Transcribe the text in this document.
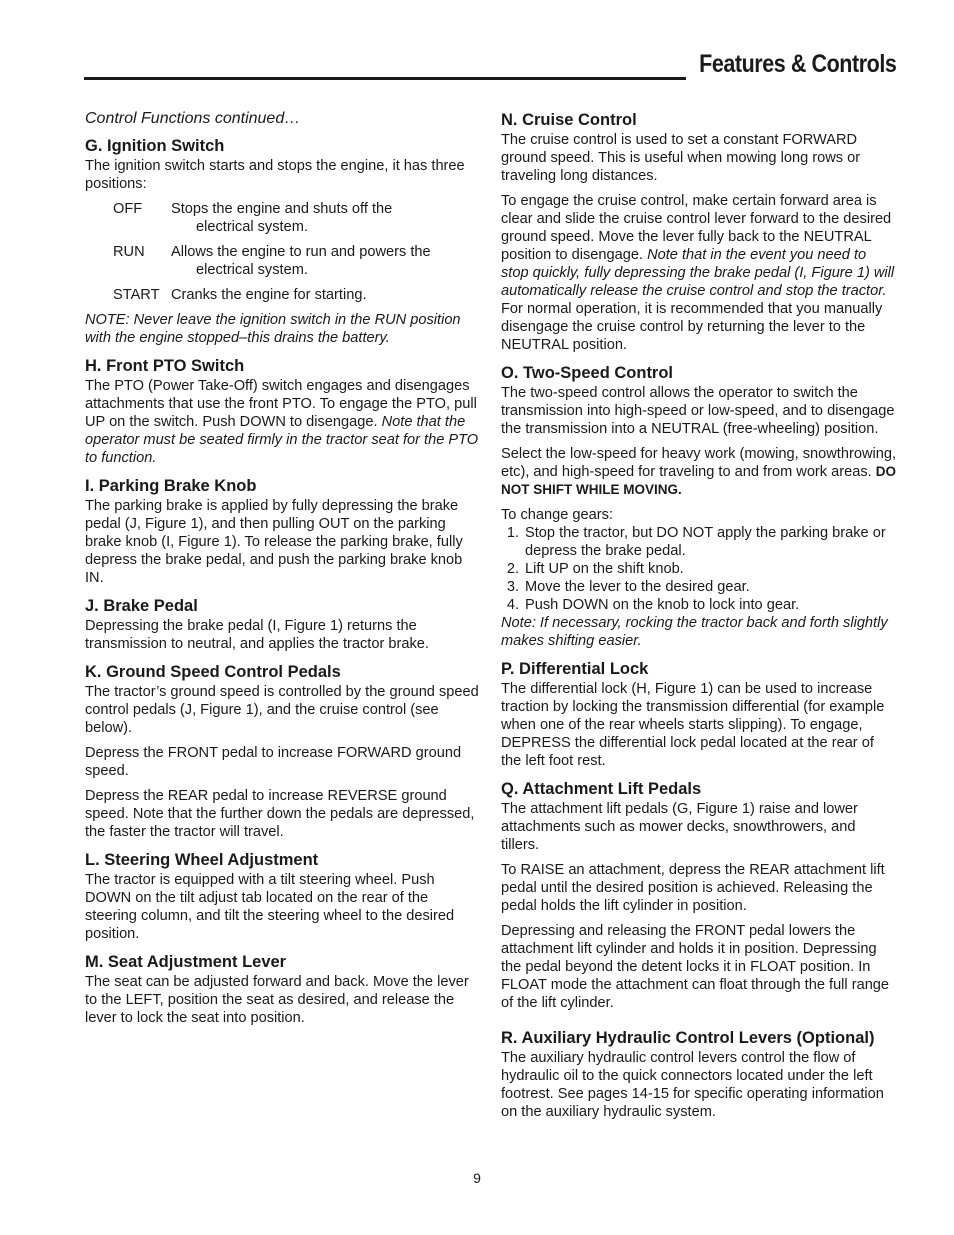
Features & Controls

Control Functions continued…

G. Ignition Switch

The ignition switch starts and stops the engine, it has three positions:

OFF	Stops the engine and shuts off the
electrical system.
RUN	Allows the engine to run and powers the
electrical system.
START Cranks the engine for starting.

NOTE: Never leave the ignition switch in the RUN position with the engine stopped–this drains the battery.

H. Front PTO Switch

The PTO (Power Take-Off) switch engages and disengages attachments that use the front PTO. To engage the PTO, pull UP on the switch. Push DOWN to disengage. Note that the operator must be seated firmly in the tractor seat for the PTO to function.

I. Parking Brake Knob

The parking brake is applied by fully depressing the brake pedal (J, Figure 1), and then pulling OUT on the parking brake knob (I, Figure 1). To release the parking brake, fully depress the brake pedal, and push the parking brake knob IN.

J. Brake Pedal

Depressing the brake pedal (I, Figure 1) returns the transmission to neutral, and applies the tractor brake.

K. Ground Speed Control Pedals

The tractor’s ground speed is controlled by the ground speed control pedals (J, Figure 1), and the cruise control (see below).

Depress the FRONT pedal to increase FORWARD ground speed.

Depress the REAR pedal to increase REVERSE ground speed. Note that the further down the pedals are depressed, the faster the tractor will travel.

L. Steering Wheel Adjustment

The tractor is equipped with a tilt steering wheel. Push DOWN on the tilt adjust tab located on the rear of the steering column, and tilt the steering wheel to the desired position.

M. Seat Adjustment Lever

The seat can be adjusted forward and back. Move the lever to the LEFT, position the seat as desired, and release the lever to lock the seat into position.

N. Cruise Control

The cruise control is used to set a constant FORWARD ground speed. This is useful when mowing long rows or traveling long distances.

To engage the cruise control, make certain forward area is clear and slide the cruise control lever forward to the desired ground speed. Move the lever fully back to the NEUTRAL position to disengage. Note that in the event you need to stop quickly, fully depressing the brake pedal (I, Figure 1) will automatically release the cruise control and stop the tractor. For normal operation, it is recommended that you manually disengage the cruise control by returning the lever to the NEUTRAL position.

O. Two-Speed Control

The two-speed control allows the operator to switch the transmission into high-speed or low-speed, and to disengage the transmission into a NEUTRAL (free-wheeling) position.

Select the low-speed for heavy work (mowing, snowthrowing, etc), and high-speed for traveling to and from work areas. DO NOT SHIFT WHILE MOVING.

To change gears:

1. Stop the tractor, but DO NOT apply the parking brake or depress the brake pedal.
2. Lift UP on the shift knob.
3. Move the lever to the desired gear.
4. Push DOWN on the knob to lock into gear.

Note: If necessary, rocking the tractor back and forth slightly makes shifting easier.

P. Differential Lock

The differential lock (H, Figure 1) can be used to increase traction by locking the transmission differential (for example when one of the rear wheels starts slipping). To engage, DEPRESS the differential lock pedal located at the rear of the left foot rest.

Q. Attachment Lift Pedals

The attachment lift pedals (G, Figure 1) raise and lower attachments such as mower decks, snowthrowers, and tillers.

To RAISE an attachment, depress the REAR attachment lift pedal until the desired position is achieved. Releasing the pedal holds the lift cylinder in position.

Depressing and releasing the FRONT pedal lowers the attachment lift cylinder and holds it in position. Depressing the pedal beyond the detent locks it in FLOAT position. In FLOAT mode the attachment can float through the full range of the lift cylinder.

R. Auxiliary Hydraulic Control Levers (Optional)

The auxiliary hydraulic control levers control the flow of hydraulic oil to the quick connectors located under the left footrest. See pages 14-15 for specific operating information on the auxiliary hydraulic system.

9
